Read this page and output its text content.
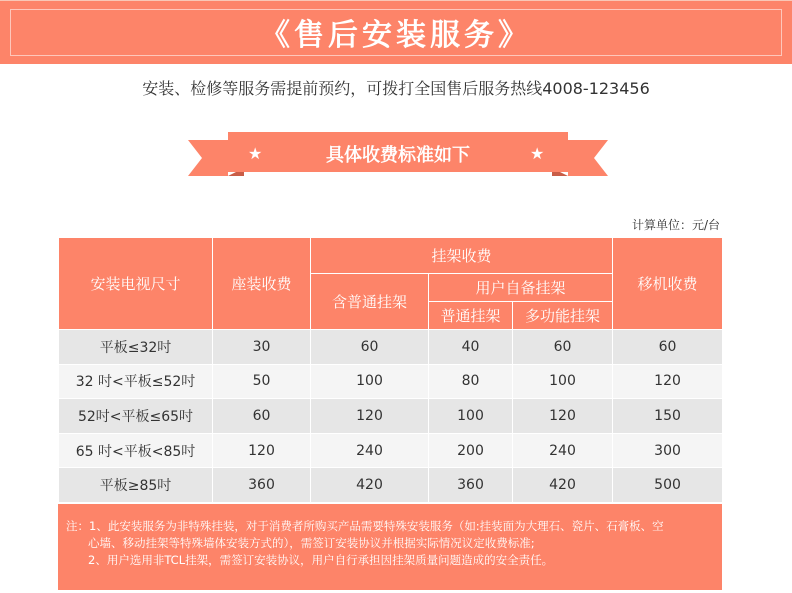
《售后安装服务》
安装、检修等服务需提前预约，可拨打全国售后服务热线4008-123456
★	具体收费标准如下	★
计算单位：元/台
安装电视尺寸	座装收费	挂架收费			移机收费
		含普通挂架	用户自备挂架		
			普通挂架	多功能挂架	
平板≤32吋	30	60	40	60	60
32 吋<平板≤52吋	50	100	80	100	120
52吋<平板≤65吋	60	120	100	120	150
65 吋<平板<85吋	120	240	200	240	300
平板≥85吋	360	420	360	420	500
注：1、此安装服务为非特殊挂装，对于消费者所购买产品需要特殊安装服务（如:挂装面为大理石、瓷片、石膏板、空
心墙、移动挂架等特殊墙体安装方式的），需签订安装协议并根据实际情况议定收费标准;
2、用户选用非TCL挂架，需签订安装协议，用户自行承担因挂架质量问题造成的安全责任。
